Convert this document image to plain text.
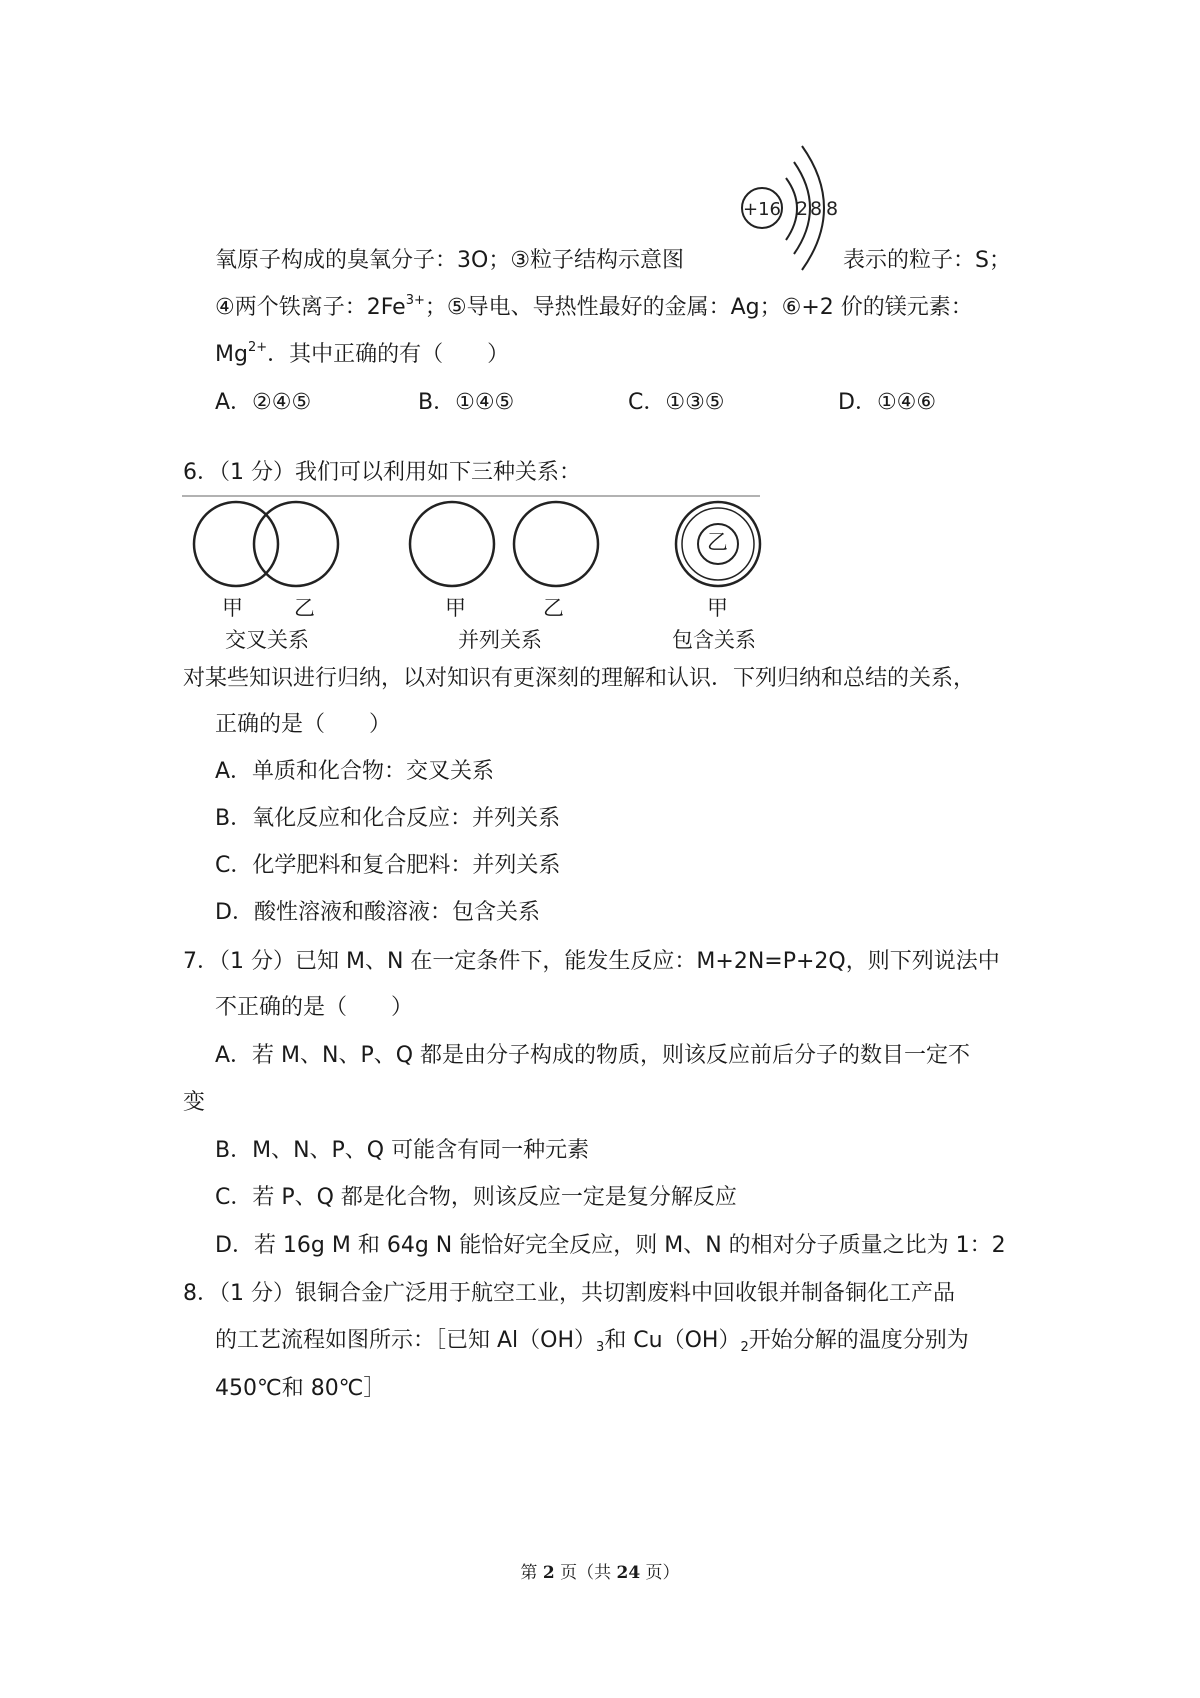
+16 2 8 8
氧原子构成的臭氧分子：3O；③粒子结构示意图	表示的粒子：S；
④两个铁离子：$2Fe^{3+}$；⑤导电、导热性最好的金属：Ag；⑥+2 价的镁元素：
$Mg^{2+}$．其中正确的有（　　）
A．②④⑤	B．①④⑤	C．①③⑤	D．①④⑥
6．（1 分）我们可以利用如下三种关系：
乙
甲 乙	甲	乙	甲
交叉关系	并列关系	包含关系
对某些知识进行归纳，以对知识有更深刻的理解和认识．下列归纳和总结的关系，
正确的是（　　）
A．单质和化合物：交叉关系
B．氧化反应和化合反应：并列关系
C．化学肥料和复合肥料：并列关系
D．酸性溶液和酸溶液：包含关系
7．（1 分）已知 M、N 在一定条件下，能发生反应：M+2N=P+2Q，则下列说法中
不正确的是（　　）
A．若 M、N、P、Q 都是由分子构成的物质，则该反应前后分子的数目一定不
变
B．M、N、P、Q 可能含有同一种元素
C．若 P、Q 都是化合物，则该反应一定是复分解反应
D．若 16g M 和 64g N 能恰好完全反应，则 M、N 的相对分子质量之比为 1：2
8．（1 分）银铜合金广泛用于航空工业，共切割废料中回收银并制备铜化工产品
的工艺流程如图所示：［已知 $Al(OH)_3$和 $Cu(OH)_2$开始分解的温度分别为
450℃和 80℃］
第 2 页（共 24 页）
